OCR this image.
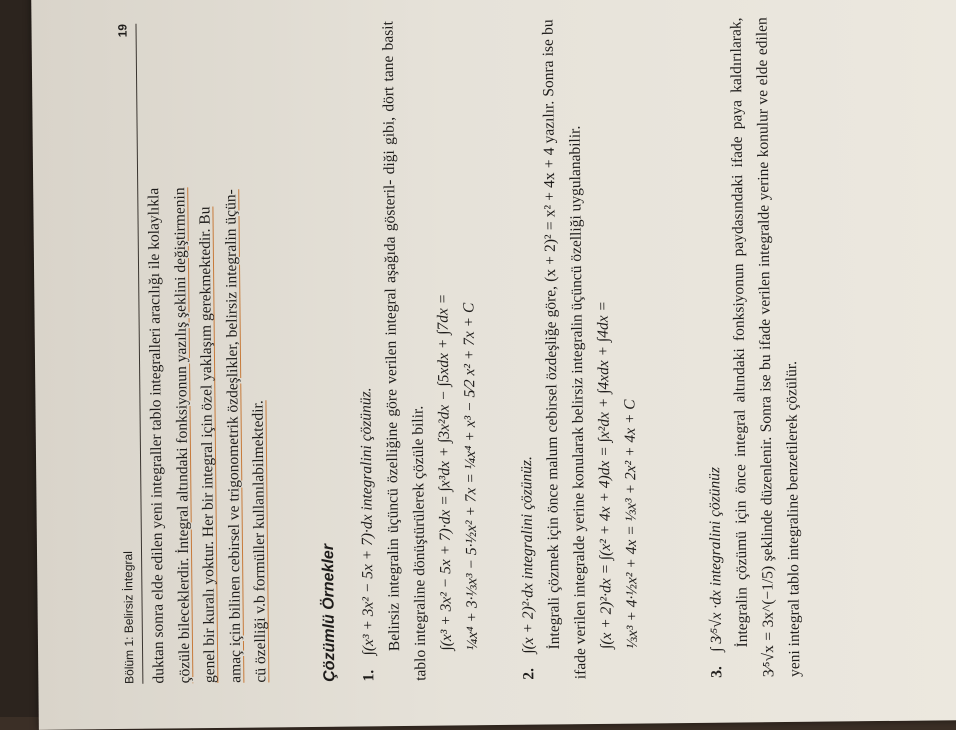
Bölüm 1: Belirsiz İntegral
19

duktan sonra elde edilen yeni integraller tablo integralleri aracılığı ile kolaylıkla çözüle bileceklerdir. İntegral altındaki fonksiyonun yazılış şeklini değiştirmenin genel bir kuralı yoktur. Her bir integral için özel yaklaşım gerekmektedir. Bu amaç için bilinen cebirsel ve trigonometrik özdeşlikler, belirsiz integralin üçün- cü özelliği v.b formüller kullanılabilmektedir.	Çözümlü Örnekler	1.∫(x³ + 3x² − 5x + 7)·dx integralini çözünüz. Belirsiz integralin üçüncü özelliğine göre verilen integral aşağıda gösteril- diği gibi, dört tane basit tablo integraline dönüştürülerek çözüle bilir. ∫(x³ + 3x² − 5x + 7)·dx = ∫x³dx + ∫3x²dx − ∫5xdx + ∫7dx = ¼x⁴ + 3·⅓x³ − 5·½x² + 7x = ¼x⁴ + x³ − 5⁄2 x² + 7x + C

2.∫(x + 2)²·dx integralini çözünüz. İntegrali çözmek için önce malum cebirsel özdeşliğe göre, (x + 2)² = x² + 4x + 4 yazılır. Sonra ise bu ifade verilen integralde yerine konularak belirsiz integralin üçüncü özelliği uygulanabilir. ∫(x + 2)²·dx = ∫(x² + 4x + 4)dx = ∫x²dx + ∫4xdx + ∫4dx = ⅓x³ + 4·½x² + 4x = ⅓x³ + 2x² + 4x + C

3.∫ 3⁄⁵√x ·dx integralini çözünüz İntegralin çözümü için önce integral altındaki fonksiyonun paydasındaki ifade paya kaldırılarak, 3⁄⁵√x = 3x^(−1/5) şeklinde düzenlenir. Sonra ise bu ifade verilen integralde yerine konulur ve elde edilen yeni integral tablo integraline benzetilerek çözülür.
